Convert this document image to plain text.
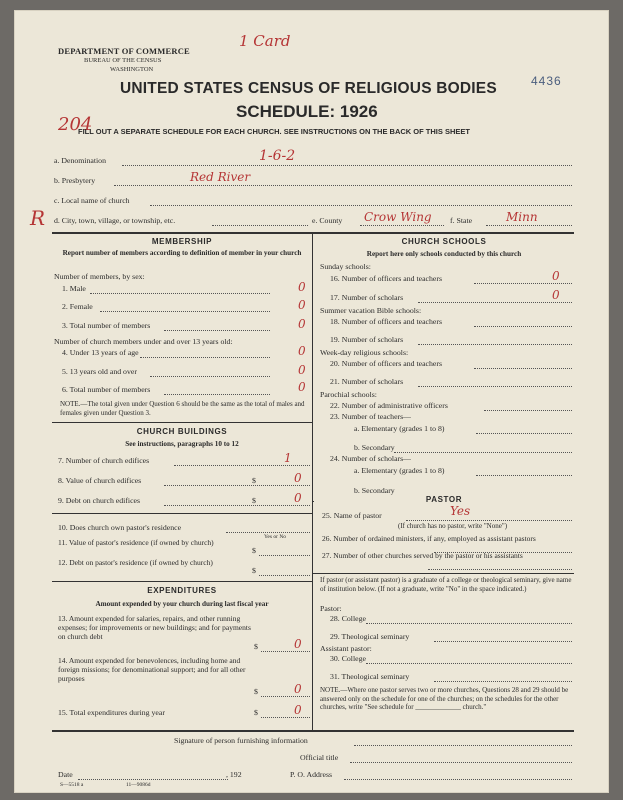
DEPARTMENT OF COMMERCE
BUREAU OF THE CENSUS
WASHINGTON
1 Card
4436
UNITED STATES CENSUS OF RELIGIOUS BODIES
SCHEDULE: 1926
204
FILL OUT A SEPARATE SCHEDULE FOR EACH CHURCH. SEE INSTRUCTIONS ON THE BACK OF THIS SHEET
a. Denomination	1-6-2
b. Presbytery	Red River
c. Local name of church
R d. City, town, village, or township, etc.	e. County Crow Wing f. State	Minn
MEMBERSHIP
Report number of members according to definition of member in your church
Number of members, by sex:
1. Male	0
2. Female	0
3. Total number of members	0
Number of church members under and over 13 years old:
4. Under 13 years of age	0
5. 13 years old and over	0
6. Total number of members	0
NOTE.—The total given under Question 6 should be the same as the total of males and females given under Question 3.
CHURCH BUILDINGS
See instructions, paragraphs 10 to 12
7. Number of church edifices	1
8. Value of church edifices	$	0
9. Debt on church edifices	$	0
10. Does church own pastor's residence
Yes or No
11. Value of pastor's residence (if owned by church)
$
12. Debt on pastor's residence (if owned by church)
$
EXPENDITURES
Amount expended by your church during last fiscal year
13. Amount expended for salaries, repairs, and other running expenses; for improvements or new buildings; and for payments on church debt
$	0
14. Amount expended for benevolences, including home and foreign missions; for denominational support; and for all other purposes
$	0
15. Total expenditures during year	$	0
CHURCH SCHOOLS
Report here only schools conducted by this church
Sunday schools:
16. Number of officers and teachers	0
17. Number of scholars	0
Summer vacation Bible schools:
18. Number of officers and teachers
19. Number of scholars
Week-day religious schools:
20. Number of officers and teachers
21. Number of scholars
Parochial schools:
22. Number of administrative officers
23. Number of teachers—
a. Elementary (grades 1 to 8)
b. Secondary
24. Number of scholars—
a. Elementary (grades 1 to 8)
b. Secondary
PASTOR
25. Name of pastor	Yes
(If church has no pastor, write "None")
26. Number of ordained ministers, if any, employed as assistant pastors
27. Number of other churches served by the pastor or his assistants
If pastor (or assistant pastor) is a graduate of a college or theological seminary, give name of institution below. (If not a graduate, write "No" in the space indicated.)
Pastor:
28. College
29. Theological seminary
Assistant pastor:
30. College
31. Theological seminary
NOTE.—Where one pastor serves two or more churches, Questions 28 and 29 should be answered only on the schedule for one of the churches; on the schedules for the other churches, write "See schedule for _____________ church."
Signature of person furnishing information
Official title
Date	, 192	P. O. Address
S—5518 a	11—9086d
